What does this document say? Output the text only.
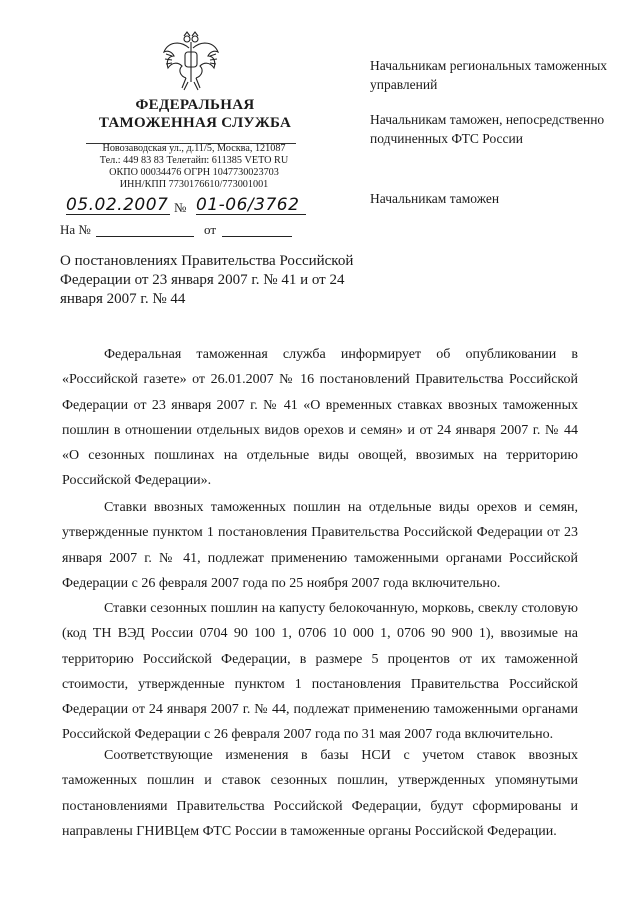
ФЕДЕРАЛЬНАЯ
ТАМОЖЕННАЯ СЛУЖБА
Новозаводская ул., д.11/5, Москва, 121087
Тел.: 449 83 83 Телетайп: 611385 VETO RU
ОКПО 00034476 ОГРН 1047730023703
ИНН/КПП 7730176610/773001001
05.02.2007 № 01-06/3762
На №	от
Начальникам региональных таможенных управлений
Начальникам таможен, непосредственно подчиненных ФТС России
Начальникам таможен
О постановлениях Правительства Российской Федерации от 23 января 2007 г. № 41 и от 24 января 2007 г. № 44
Федеральная таможенная служба информирует об опубликовании в «Российской газете» от 26.01.2007 № 16 постановлений Правительства Российской Федерации от 23 января 2007 г. № 41 «О временных ставках ввозных таможенных пошлин в отношении отдельных видов орехов и семян» и от 24 января 2007 г. № 44 «О сезонных пошлинах на отдельные виды овощей, ввозимых на территорию Российской Федерации».
Ставки ввозных таможенных пошлин на отдельные виды орехов и семян, утвержденные пунктом 1 постановления Правительства Российской Федерации от 23 января 2007 г. № 41, подлежат применению таможенными органами Российской Федерации с 26 февраля 2007 года по 25 ноября 2007 года включительно.
Ставки сезонных пошлин на капусту белокочанную, морковь, свеклу столовую (код ТН ВЭД России 0704 90 100 1, 0706 10 000 1, 0706 90 900 1), ввозимые на территорию Российской Федерации, в размере 5 процентов от их таможенной стоимости, утвержденные пунктом 1 постановления Правительства Российской Федерации от 24 января 2007 г. № 44, подлежат применению таможенными органами Российской Федерации с 26 февраля 2007 года по 31 мая 2007 года включительно.
Соответствующие изменения в базы НСИ с учетом ставок ввозных таможенных пошлин и ставок сезонных пошлин, утвержденных упомянутыми постановлениями Правительства Российской Федерации, будут сформированы и направлены ГНИВЦем ФТС России в таможенные органы Российской Федерации.
